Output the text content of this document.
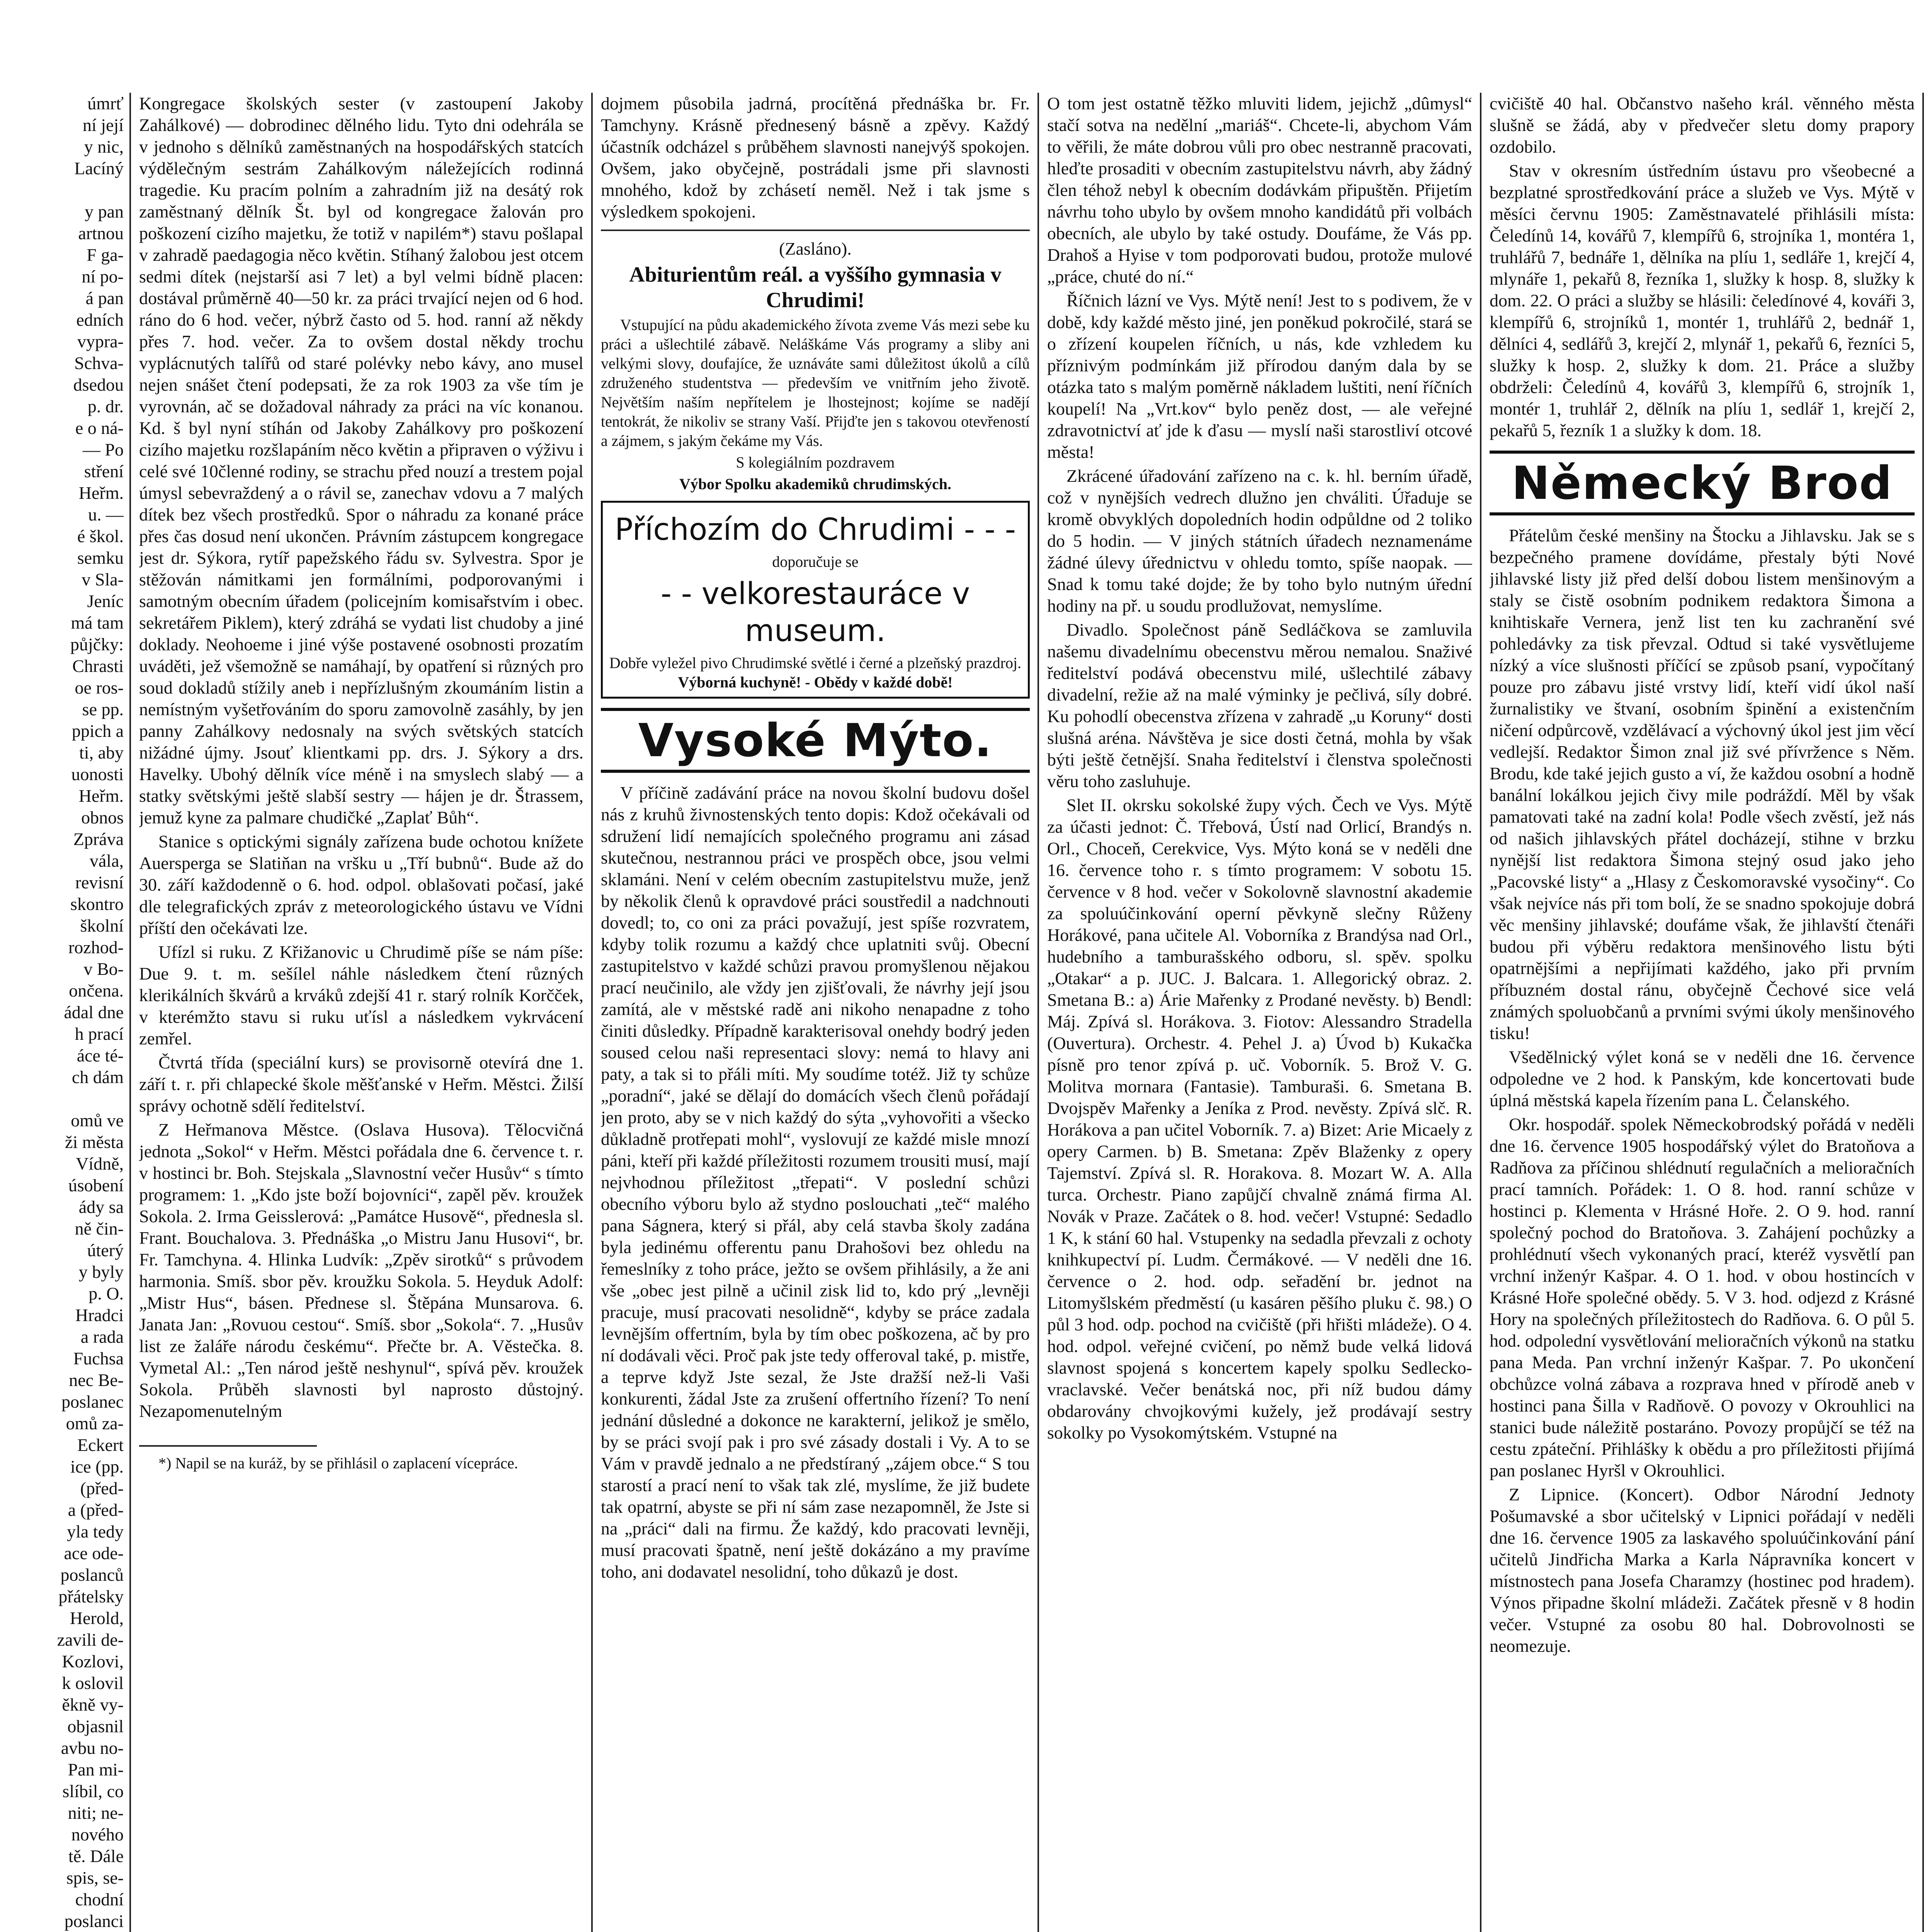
úmrť
ní její
y nic,
Lacíný

y pan
artnou
F ga-
ní po-
á pan
edních
vypra-
Schva-
dsedou
p. dr.
e o ná-
— Po
stření
Heřm.
u. —
é škol.
semku
v Sla-
Jeníc
má tam
půjčky:
Chrasti
oe ros-
se pp.
ppich a
ti, aby
uonosti
Heřm.
obnos
Zpráva
vála,
revisní
skontro
školní
rozhod-
v Bo-
ončena.
ádal dne
h prací
áce té-
ch dám

omů ve
ži města
Vídně,
úsobení
ády sa
ně čin-
úterý
y byly
p. O.
Hradci
a rada
Fuchsa
nec Be-
poslanec
omů za-
Eckert
ice (pp.
(před-
a (před-
yla tedy
ace ode-
poslanců
přátelsky
Herold,
zavili de-
Kozlovi,
k oslovil
ěkně vy-
objasnil
avbu no-
Pan mi-
slíbil, co
niti; ne-
nového
tě. Dále
spis, se-
chodní
poslanci

Kongregace školských sester (v zastoupení Jakoby Zahálkové) — dobrodinec dělného lidu. Tyto dni odehrála se v jednoho s dělníků zaměstnaných na hospodářských statcích výdělečným sestrám Zahálkovým náležejících rodinná tragedie. Ku pracím polním a zahradním již na desátý rok zaměstnaný dělník Št. byl od kongregace žalován pro poškození cizího majetku, že totiž v napilém*) stavu pošlapal v zahradě paedagogia něco květin. Stíhaný žalobou jest otcem sedmi dítek (nejstarší asi 7 let) a byl velmi bídně placen: dostával průměrně 40—50 kr. za práci trvající nejen od 6 hod. ráno do 6 hod. večer, nýbrž často od 5. hod. ranní až někdy přes 7. hod. večer. Za to ovšem dostal někdy trochu vyplácnutých talířů od staré polévky nebo kávy, ano musel nejen snášet čtení podepsati, že za rok 1903 za vše tím je vyrovnán, ač se dožadoval náhrady za práci na víc konanou. Kd. š byl nyní stíhán od Jakoby Zahálkovy pro poškození cizího majetku rozšlapáním něco květin a připraven o výživu i celé své 10členné rodiny, se strachu před nouzí a trestem pojal úmysl sebevraždený a o rávil se, zanechav vdovu a 7 malých dítek bez všech prostředků. Spor o náhradu za konané práce přes čas dosud není ukončen. Právním zástupcem kongregace jest dr. Sýkora, rytíř papežského řádu sv. Sylvestra. Spor je stěžován námitkami jen formálními, podporovanými i samotným obecním úřadem (policejním komisařstvím i obec. sekretářem Piklem), který zdráhá se vydati list chudoby a jiné doklady. Neohoeme i jiné výše postavené osobnosti prozatím uváděti, jež všemožně se namáhají, by opatření si různých pro soud dokladů stížily aneb i nepřízlušným zkoumáním listin a nemístným vyšetřováním do sporu zamovolně zasáhly, by jen panny Zahálkovy nedosnaly na svých světských statcích nižádné újmy. Jsouť klientkami pp. drs. J. Sýkory a drs. Havelky. Ubohý dělník více méně i na smyslech slabý — a statky světskými ještě slabší sestry — hájen je dr. Štrassem, jemuž kyne za palmare chudičké „Zaplať Bůh“.

Stanice s optickými signály zařízena bude ochotou knížete Auersperga se Slatiňan na vršku u „Tří bubnů“. Bude až do 30. září každodenně o 6. hod. odpol. oblašovati počasí, jaké dle telegrafických zpráv z meteorologického ústavu ve Vídni příští den očekávati lze.

Ufízl si ruku. Z Křižanovic u Chrudimě píše se nám píše: Due 9. t. m. sešílel náhle následkem čtení různých klerikálních škvárů a krváků zdejší 41 r. starý rolník Korčček, v kterémžto stavu si ruku uťísl a následkem vykrvácení zemřel.

Čtvrtá třída (speciální kurs) se provisorně otevírá dne 1. září t. r. při chlapecké škole měšťanské v Heřm. Městci. Žilší správy ochotně sdělí ředitelství.

Z Heřmanova Městce. (Oslava Husova). Tělocvičná jednota „Sokol“ v Heřm. Městci pořádala dne 6. července t. r. v hostinci br. Boh. Stejskala „Slavnostní večer Husův“ s tímto programem: 1. „Kdo jste boží bojovníci“, zapěl pěv. kroužek Sokola. 2. Irma Geisslerová: „Památce Husově“, přednesla sl. Frant. Bouchalova. 3. Přednáška „o Mistru Janu Husovi“, br. Fr. Tamchyna. 4. Hlinka Ludvík: „Zpěv sirotků“ s průvodem harmonia. Smíš. sbor pěv. kroužku Sokola. 5. Heyduk Adolf: „Mistr Hus“, básen. Přednese sl. Štěpána Munsarova. 6. Janata Jan: „Rovuou cestou“. Smíš. sbor „Sokola“. 7. „Husův list ze žaláře národu českému“. Přečte br. A. Věstečka. 8. Vymetal Al.: „Ten národ ještě neshynul“, spívá pěv. kroužek Sokola. Průběh slavnosti byl naprosto důstojný. Nezapomenutelným

*) Napil se na kuráž, by se přihlásil o zaplacení vícepráce.

dojmem působila jadrná, procítěná přednáška br. Fr. Tamchyny. Krásně přednesený básně a zpěvy. Každý účastník odcházel s průběhem slavnosti nanejvýš spokojen. Ovšem, jako obyčejně, postrádali jsme při slavnosti mnohého, kdož by zchásetí neměl. Než i tak jsme s výsledkem spokojeni.

(Zasláno).

Abiturientům reál. a vyššího gymnasia v Chrudimi!

Vstupující na půdu akademického žívota zveme Vás mezi sebe ku práci a ušlechtilé zábavě. Neláškáme Vás programy a sliby ani velkými slovy, doufajíce, že uznáváte sami důležitost úkolů a cílů združeného studentstva — především ve vnitřním jeho životě. Největším naším nepřítelem je lhostejnost; kojíme se nadějí tentokrát, že nikoliv se strany Vaší. Přijďte jen s takovou otevřeností a zájmem, s jakým čekáme my Vás.

S kolegiálním pozdravem

Výbor Spolku akademiků chrudimských.

Příchozím do Chrudimi - - -
doporučuje se
- - velkorestauráce v museum.
Dobře vyležel pivo Chrudimské světlé i černé a plzeňský prazdroj.
Výborná kuchyně! - Obědy v každé době!
Vysoké Mýto.

V příčině zadávání práce na novou školní budovu došel nás z kruhů živnostenských tento dopis: Kdož očekávali od sdružení lidí nemajících společného programu ani zásad skutečnou, nestrannou práci ve prospěch obce, jsou velmi sklamáni. Není v celém obecním zastupitelstvu muže, jenž by několik členů k opravdové práci soustředil a nadchnouti dovedl; to, co oni za práci považují, jest spíše rozvratem, kdyby tolik rozumu a každý chce uplatniti svůj. Obecní zastupitelstvo v každé schůzi pravou promyšlenou nějakou prací neučinilo, ale vždy jen zjišťovali, že návrhy její jsou zamítá, ale v městské radě ani nikoho nenapadne z toho činiti důsledky. Případně karakterisoval onehdy bodrý jeden soused celou naši representaci slovy: nemá to hlavy ani paty, a tak si to přáli míti. My soudíme totéž. Již ty schůze „poradní“, jaké se dělají do domácích všech členů pořádají jen proto, aby se v nich každý do sýta „vyhovořiti a všecko důkladně protřepati mohl“, vyslovují ze každé misle mnozí páni, kteří při každé příležitosti rozumem trousiti musí, mají nejvhodnou příležitost „třepati“. V poslední schůzi obecního výboru bylo až stydno poslouchati „teč“ malého pana Ságnera, který si přál, aby celá stavba školy zadána byla jedinému offerentu panu Drahošovi bez ohledu na řemeslníky z toho práce, ježto se ovšem přihlásily, a že ani vše „obec jest pilně a učinil zisk lid to, kdo prý „levněji pracuje, musí pracovati nesolidně“, kdyby se práce zadala levnějším offertním, byla by tím obec poškozena, ač by pro ní dodávali věci. Proč pak jste tedy offeroval také, p. mistře, a teprve když Jste sezal, že Jste dražší než-li Vaši konkurenti, žádal Jste za zrušení offertního řízení? To není jednání důsledné a dokonce ne karakterní, jelikož je smělo, by se práci svojí pak i pro své zásady dostali i Vy. A to se Vám v pravdě jednalo a ne předstíraný „zájem obce.“ S tou starostí a prací není to však tak zlé, myslíme, že již budete tak opatrní, abyste se při ní sám zase nezapomněl, že Jste si na „práci“ dali na firmu. Že každý, kdo pracovati levněji, musí pracovati špatně, není ještě dokázáno a my pravíme toho, ani dodavatel nesolidní, toho důkazů je dost.

O tom jest ostatně těžko mluviti lidem, jejichž „dûmysl“ stačí sotva na nedělní „mariáš“. Chcete-li, abychom Vám to věřili, že máte dobrou vůli pro obec nestranně pracovati, hleďte prosaditi v obecním zastupitelstvu návrh, aby žádný člen téhož nebyl k obecním dodávkám připuštěn. Přijetím návrhu toho ubylo by ovšem mnoho kandidátů při volbách obecních, ale ubylo by také ostudy. Doufáme, že Vás pp. Drahoš a Hyise v tom podporovati budou, protože mulové „práce, chuté do ní.“

Říčnich lázní ve Vys. Mýtě není! Jest to s podivem, že v době, kdy každé město jiné, jen poněkud pokročilé, stará se o zřízení koupelen říčních, u nás, kde vzhledem ku příznivým podmínkám již přírodou daným dala by se otázka tato s malým poměrně nákladem luštiti, není říčních koupelí! Na „Vrt.kov“ bylo peněz dost, — ale veřejné zdravotnictví ať jde k ďasu — myslí naši starostliví otcové města!

Zkrácené úřadování zařízeno na c. k. hl. berním úřadě, což v nynějších vedrech dlužno jen chváliti. Úřaduje se kromě obvyklých dopoledních hodin odpůldne od 2 toliko do 5 hodin. — V jiných státních úřadech neznamenáme žádné úlevy úřednictvu v ohledu tomto, spíše naopak. — Snad k tomu také dojde; že by toho bylo nutným úřední hodiny na př. u soudu prodlužovat, nemyslíme.

Divadlo. Společnost páně Sedláčkova se zamluvila našemu divadelnímu obecenstvu měrou nemalou. Snaživé ředitelství podává obecenstvu milé, ušlechtilé zábavy divadelní, režie až na malé výminky je pečlivá, síly dobré. Ku pohodlí obecenstva zřízena v zahradě „u Koruny“ dosti slušná aréna. Návštěva je sice dosti četná, mohla by však býti ještě četnější. Snaha ředitelství i členstva společnosti věru toho zasluhuje.

Slet II. okrsku sokolské župy vých. Čech ve Vys. Mýtě za účasti jednot: Č. Třebová, Ústí nad Orlicí, Brandýs n. Orl., Choceň, Cerekvice, Vys. Mýto koná se v neděli dne 16. července toho r. s tímto programem: V sobotu 15. července v 8 hod. večer v Sokolovně slavnostní akademie za spoluúčinkování operní pěvkyně slečny Růženy Horákové, pana učitele Al. Voborníka z Brandýsa nad Orl., hudebního a tamburašského odboru, sl. spěv. spolku „Otakar“ a p. JUC. J. Balcara. 1. Allegorický obraz. 2. Smetana B.: a) Árie Mařenky z Prodané nevěsty. b) Bendl: Máj. Zpívá sl. Horákova. 3. Fiotov: Alessandro Stradella (Ouvertura). Orchestr. 4. Pehel J. a) Úvod b) Kukačka písně pro tenor zpívá p. uč. Voborník. 5. Brož V. G. Molitva mornara (Fantasie). Tamburaši. 6. Smetana B. Dvojspěv Mařenky a Jeníka z Prod. nevěsty. Zpívá slč. R. Horákova a pan učitel Voborník. 7. a) Bizet: Arie Micaely z opery Carmen. b) B. Smetana: Zpěv Blaženky z opery Tajemství. Zpívá sl. R. Horakova. 8. Mozart W. A. Alla turca. Orchestr. Piano zapůjčí chvalně známá firma Al. Novák v Praze. Začátek o 8. hod. večer! Vstupné: Sedadlo 1 K, k stání 60 hal. Vstupenky na sedadla převzali z ochoty knihkupectví pí. Ludm. Čermákové. — V neděli dne 16. července o 2. hod. odp. seřadění br. jednot na Litomyšlském předměstí (u kasáren pěšího pluku č. 98.) O půl 3 hod. odp. pochod na cvičiště (při hřišti mládeže). O 4. hod. odpol. veřejné cvičení, po němž bude velká lidová slavnost spojená s koncertem kapely spolku Sedlecko-vraclavské. Večer benátská noc, při níž budou dámy obdarovány chvojkovými kužely, jež prodávají sestry sokolky po Vysokomýtském. Vstupné na

cvičiště 40 hal. Občanstvo našeho král. věnného města slušně se žádá, aby v předvečer sletu domy prapory ozdobilo.

Stav v okresním ústředním ústavu pro všeobecné a bezplatné sprostředkování práce a služeb ve Vys. Mýtě v měsíci červnu 1905: Zaměstnavatelé přihlásili místa: Čeledínů 14, kovářů 7, klempířů 6, strojníka 1, montéra 1, truhlářů 7, bednáře 1, dělníka na plíu 1, sedláře 1, krejčí 4, mlynáře 1, pekařů 8, řezníka 1, služky k hosp. 8, služky k dom. 22. O práci a služby se hlásili: čeledínové 4, kováři 3, klempířů 6, strojníků 1, montér 1, truhlářů 2, bednář 1, dělníci 4, sedlářů 3, krejčí 2, mlynář 1, pekařů 6, řezníci 5, služky k hosp. 2, služky k dom. 21. Práce a služby obdrželi: Čeledínů 4, kovářů 3, klempířů 6, strojník 1, montér 1, truhlář 2, dělník na plíu 1, sedlář 1, krejčí 2, pekařů 5, řezník 1 a služky k dom. 18.

Německý Brod

Přátelům české menšiny na Štocku a Jihlavsku. Jak se s bezpečného pramene dovídáme, přestaly býti Nové jihlavské listy již před delší dobou listem menšinovým a staly se čistě osobním podnikem redaktora Šimona a knihtiskaře Vernera, jenž list ten ku zachranění své pohledávky za tisk převzal. Odtud si také vysvětlujeme nízký a více slušnosti příčící se způsob psaní, vypočítaný pouze pro zábavu jisté vrstvy lidí, kteří vidí úkol naší žurnalistiky ve štvaní, osobním špinění a existenčním ničení odpůrcově, vzdělávací a výchovný úkol jest jim věcí vedlejší. Redaktor Šimon znal již své přívržence s Něm. Brodu, kde také jejich gusto a ví, že každou osobní a hodně banální lokálkou jejich čivy mile podráždí. Měl by však pamatovati také na zadní kola! Podle všech zvěstí, jež nás od našich jihlavských přátel docházejí, stihne v brzku nynější list redaktora Šimona stejný osud jako jeho „Pacovské listy“ a „Hlasy z Českomoravské vysočiny“. Co však nejvíce nás při tom bolí, že se snadno spokojuje dobrá věc menšiny jihlavské; doufáme však, že jihlavští čtenáři budou při výběru redaktora menšinového listu býti opatrnějšími a nepřijímati každého, jako při prvním příbuzném dostal ránu, obyčejně Čechové sice velá známých spoluobčanů a prvními svými úkoly menšinového tisku!

Všedělnický výlet koná se v neděli dne 16. července odpoledne ve 2 hod. k Panským, kde koncertovati bude úplná městská kapela řízením pana L. Čelanského.

Okr. hospodář. spolek Německobrodský pořádá v neděli dne 16. července 1905 hospodářský výlet do Bratoňova a Radňova za příčinou shlédnutí regulačních a melioračních prací tamních. Pořádek: 1. O 8. hod. ranní schůze v hostinci p. Klementa v Hrásné Hoře. 2. O 9. hod. ranní společný pochod do Bratoňova. 3. Zahájení pochůzky a prohlédnutí všech vykonaných prací, kteréž vysvětlí pan vrchní inženýr Kašpar. 4. O 1. hod. v obou hostincích v Krásné Hoře společné obědy. 5. V 3. hod. odjezd z Krásné Hory na společných příležitostech do Radňova. 6. O půl 5. hod. odpolední vysvětlování melioračních výkonů na statku pana Meda. Pan vrchní inženýr Kašpar. 7. Po ukončení obchůzce volná zábava a rozprava hned v přírodě aneb v hostinci pana Šilla v Radňově. O povozy v Okrouhlici na stanici bude náležitě postaráno. Povozy propůjčí se též na cestu zpáteční. Přihlášky k obědu a pro příležitosti přijímá pan poslanec Hyršl v Okrouhlici.

Z Lipnice. (Koncert). Odbor Národní Jednoty Pošumavské a sbor učitelský v Lipnici pořádají v neděli dne 16. července 1905 za laskavého spoluúčinkování pání učitelů Jindřicha Marka a Karla Nápravníka koncert v místnostech pana Josefa Charamzy (hostinec pod hradem). Výnos připadne školní mládeži. Začátek přesně v 8 hodin večer. Vstupné za osobu 80 hal. Dobrovolnosti se neomezuje.
